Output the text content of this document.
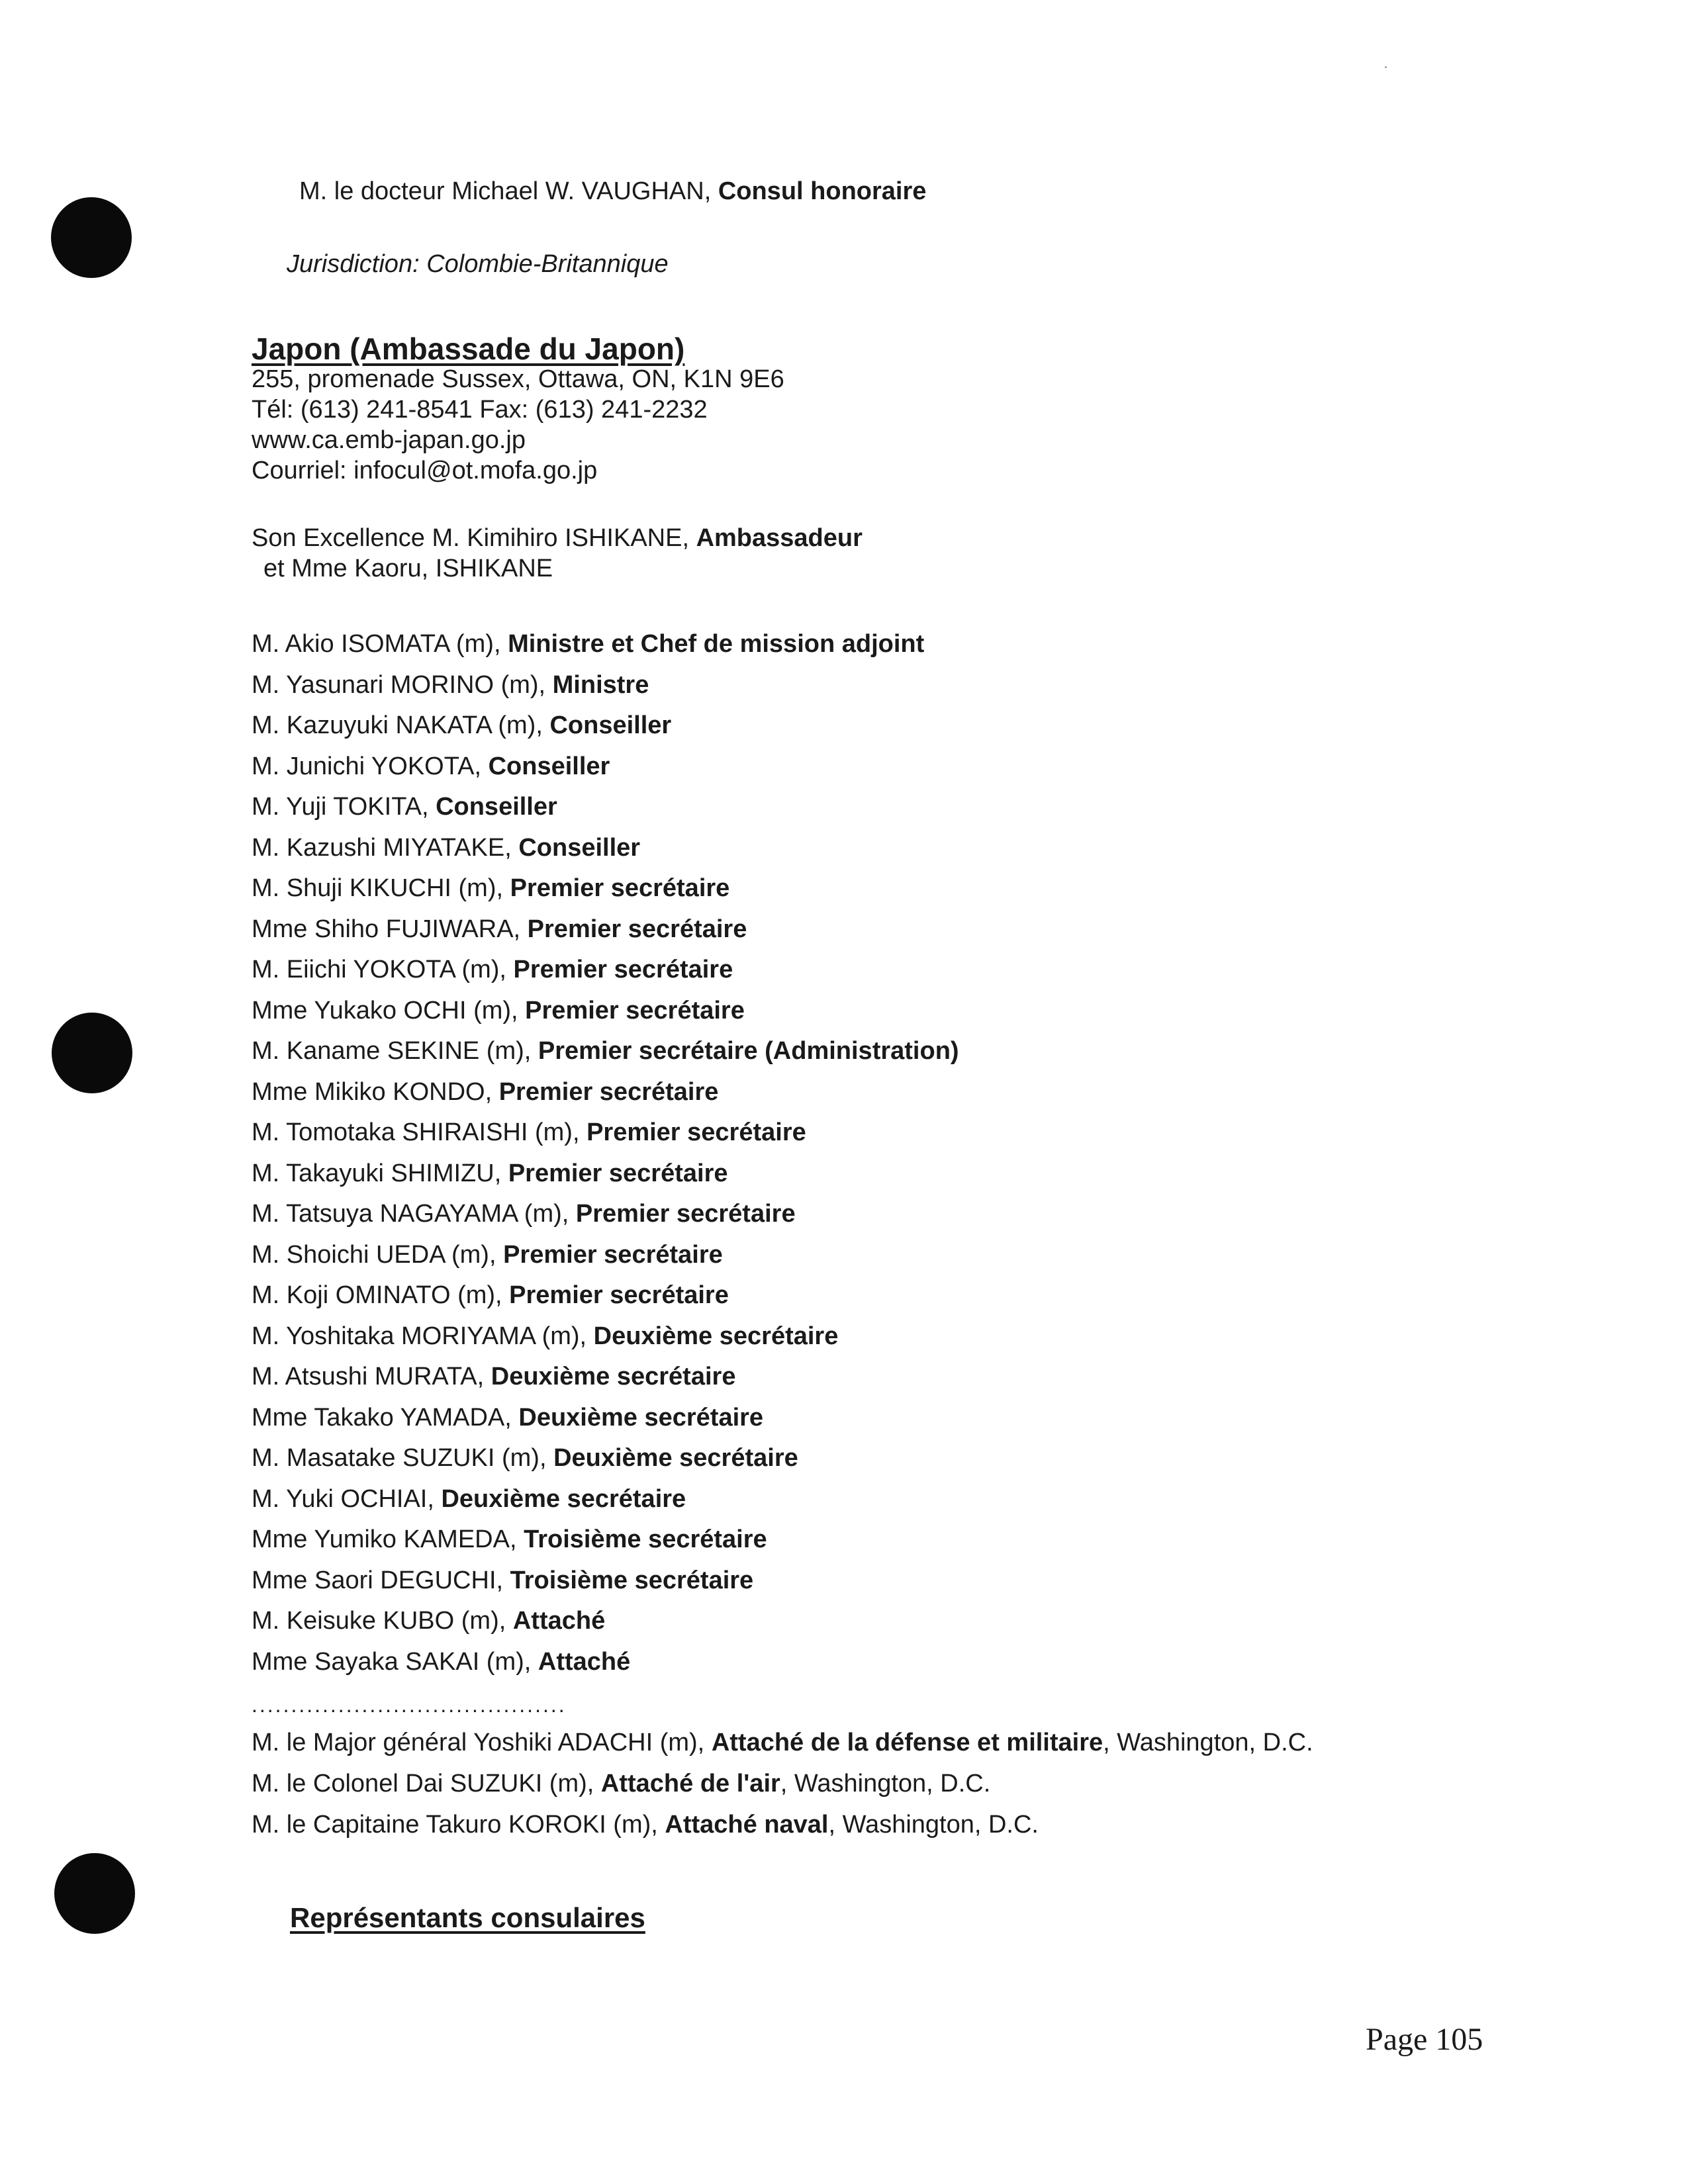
M. le docteur Michael W. VAUGHAN, Consul honoraire
Jurisdiction: Colombie-Britannique
Japon (Ambassade du Japon)
255, promenade Sussex, Ottawa, ON, K1N 9E6
Tél: (613) 241-8541 Fax: (613) 241-2232
www.ca.emb-japan.go.jp
Courriel: infocul@ot.mofa.go.jp
Son Excellence M. Kimihiro ISHIKANE, Ambassadeur
et Mme Kaoru, ISHIKANE
M. Akio ISOMATA (m), Ministre et Chef de mission adjoint
M. Yasunari MORINO (m), Ministre
M. Kazuyuki NAKATA (m), Conseiller
M. Junichi YOKOTA, Conseiller
M. Yuji TOKITA, Conseiller
M. Kazushi MIYATAKE, Conseiller
M. Shuji KIKUCHI (m), Premier secrétaire
Mme Shiho FUJIWARA, Premier secrétaire
M. Eiichi YOKOTA (m), Premier secrétaire
Mme Yukako OCHI (m), Premier secrétaire
M. Kaname SEKINE (m), Premier secrétaire (Administration)
Mme Mikiko KONDO, Premier secrétaire
M. Tomotaka SHIRAISHI (m), Premier secrétaire
M. Takayuki SHIMIZU, Premier secrétaire
M. Tatsuya NAGAYAMA (m), Premier secrétaire
M. Shoichi UEDA (m), Premier secrétaire
M. Koji OMINATO (m), Premier secrétaire
M. Yoshitaka MORIYAMA (m), Deuxième secrétaire
M. Atsushi MURATA, Deuxième secrétaire
Mme Takako YAMADA, Deuxième secrétaire
M. Masatake SUZUKI (m), Deuxième secrétaire
M. Yuki OCHIAI, Deuxième secrétaire
Mme Yumiko KAMEDA, Troisième secrétaire
Mme Saori DEGUCHI, Troisième secrétaire
M. Keisuke KUBO (m), Attaché
Mme Sayaka SAKAI (m), Attaché
........................................
M. le Major général Yoshiki ADACHI (m), Attaché de la défense et militaire, Washington, D.C.
M. le Colonel Dai SUZUKI (m), Attaché de l'air, Washington, D.C.
M. le Capitaine Takuro KOROKI (m), Attaché naval, Washington, D.C.
Représentants consulaires
Page 105
